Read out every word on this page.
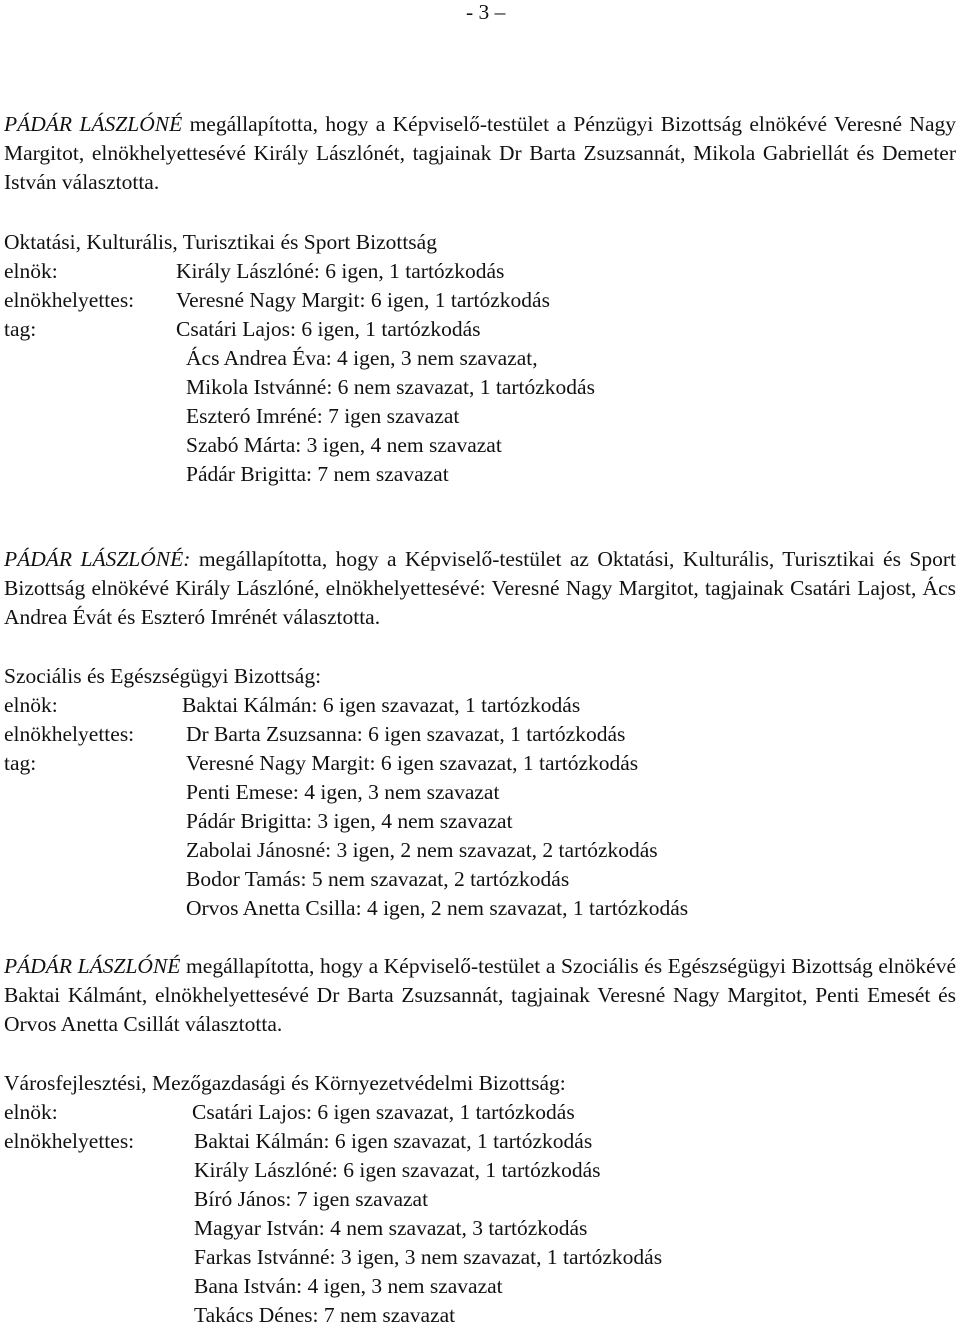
- 3 –
PÁDÁR LÁSZLÓNÉ megállapította, hogy a Képviselő-testület a Pénzügyi Bizottság elnökévé Veresné Nagy Margitot, elnökhelyettesévé Király Lászlónét, tagjainak Dr Barta Zsuzsannát, Mikola Gabriellát és Demeter István választotta.
Oktatási, Kulturális, Turisztikai és Sport Bizottság
elnök:	Király Lászlóné: 6 igen, 1 tartózkodás
elnökhelyettes:	Veresné Nagy Margit: 6 igen, 1 tartózkodás
tag:	Csatári Lajos: 6 igen, 1 tartózkodás
Ács Andrea Éva: 4 igen, 3 nem szavazat,
Mikola Istvánné: 6 nem szavazat, 1 tartózkodás
Eszteró Imréné: 7 igen szavazat
Szabó Márta: 3 igen, 4 nem szavazat
Pádár Brigitta: 7 nem szavazat
PÁDÁR LÁSZLÓNÉ: megállapította, hogy a Képviselő-testület az Oktatási, Kulturális, Turisztikai és Sport Bizottság elnökévé Király Lászlóné, elnökhelyettesévé: Veresné Nagy Margitot, tagjainak Csatári Lajost, Ács Andrea Évát és Eszteró Imrénét választotta.
Szociális és Egészségügyi Bizottság:
elnök:	Baktai Kálmán: 6 igen szavazat, 1 tartózkodás
elnökhelyettes:	Dr Barta Zsuzsanna: 6 igen szavazat, 1 tartózkodás
tag:	Veresné Nagy Margit: 6 igen szavazat, 1 tartózkodás
Penti Emese: 4 igen, 3 nem szavazat
Pádár Brigitta: 3 igen, 4 nem szavazat
Zabolai Jánosné: 3 igen, 2 nem szavazat, 2 tartózkodás
Bodor Tamás: 5 nem szavazat, 2 tartózkodás
Orvos Anetta Csilla: 4 igen, 2 nem szavazat, 1 tartózkodás
PÁDÁR LÁSZLÓNÉ megállapította, hogy a Képviselő-testület a Szociális és Egészségügyi Bizottság elnökévé Baktai Kálmánt, elnökhelyettesévé Dr Barta Zsuzsannát, tagjainak Veresné Nagy Margitot, Penti Emesét és Orvos Anetta Csillát választotta.
Városfejlesztési, Mezőgazdasági és Környezetvédelmi Bizottság:
elnök:	Csatári Lajos: 6 igen szavazat, 1 tartózkodás
elnökhelyettes:	Baktai Kálmán: 6 igen szavazat, 1 tartózkodás
Király Lászlóné: 6 igen szavazat, 1 tartózkodás
Bíró János: 7 igen szavazat
Magyar István: 4 nem szavazat, 3 tartózkodás
Farkas Istvánné: 3 igen, 3 nem szavazat, 1 tartózkodás
Bana István: 4 igen, 3 nem szavazat
Takács Dénes: 7 nem szavazat
